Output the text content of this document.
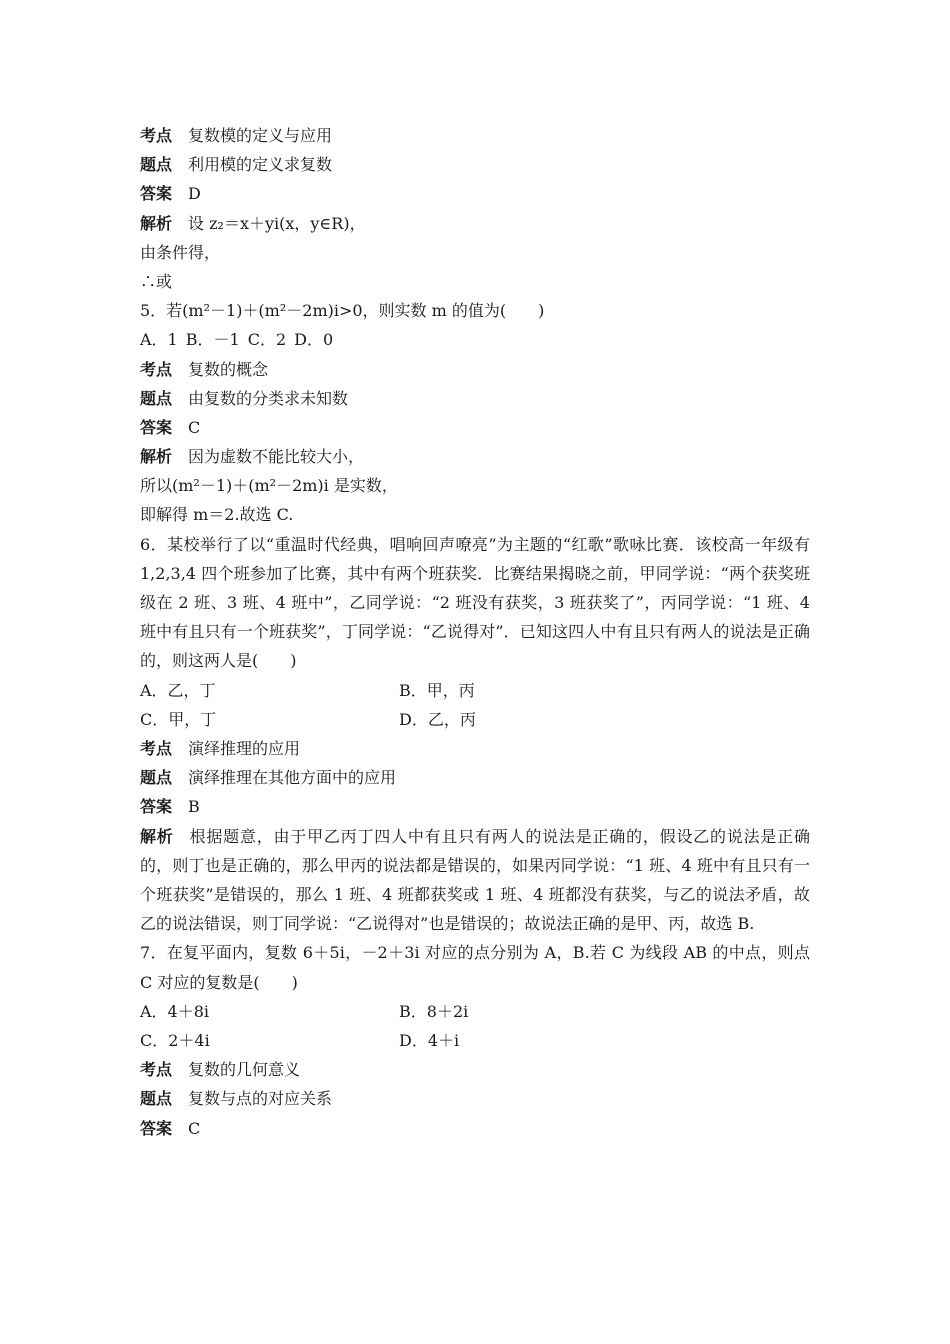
考点 复数模的定义与应用
题点 利用模的定义求复数
答案 D
解析 设 z₂＝x＋yi(x，y∈R)，
由条件得，
∴或
5．若(m²－1)＋(m²－2m)i>0，则实数 m 的值为(　　)
A．1 B．－1 C．2 D．0
考点 复数的概念
题点 由复数的分类求未知数
答案 C
解析 因为虚数不能比较大小，
所以(m²－1)＋(m²－2m)i 是实数，
即解得 m＝2.故选 C.
6．某校举行了以“重温时代经典，唱响回声嘹亮”为主题的“红歌”歌咏比赛．该校高一年级有 1,2,3,4 四个班参加了比赛，其中有两个班获奖．比赛结果揭晓之前，甲同学说：“两个获奖班级在 2 班、3 班、4 班中”，乙同学说：“2 班没有获奖，3 班获奖了”，丙同学说：“1 班、4 班中有且只有一个班获奖”，丁同学说：“乙说得对”．已知这四人中有且只有两人的说法是正确的，则这两人是(　　)
A．乙，丁	B．甲，丙
C．甲，丁	D．乙，丙
考点 演绎推理的应用
题点 演绎推理在其他方面中的应用
答案 B
解析 根据题意，由于甲乙丙丁四人中有且只有两人的说法是正确的，假设乙的说法是正确的，则丁也是正确的，那么甲丙的说法都是错误的，如果丙同学说：“1 班、4 班中有且只有一个班获奖”是错误的，那么 1 班、4 班都获奖或 1 班、4 班都没有获奖，与乙的说法矛盾，故乙的说法错误，则丁同学说：“乙说得对”也是错误的；故说法正确的是甲、丙，故选 B.
7．在复平面内，复数 6＋5i，－2＋3i 对应的点分别为 A，B.若 C 为线段 AB 的中点，则点 C 对应的复数是(　　)
A．4＋8i	B．8＋2i
C．2＋4i	D．4＋i
考点 复数的几何意义
题点 复数与点的对应关系
答案 C
